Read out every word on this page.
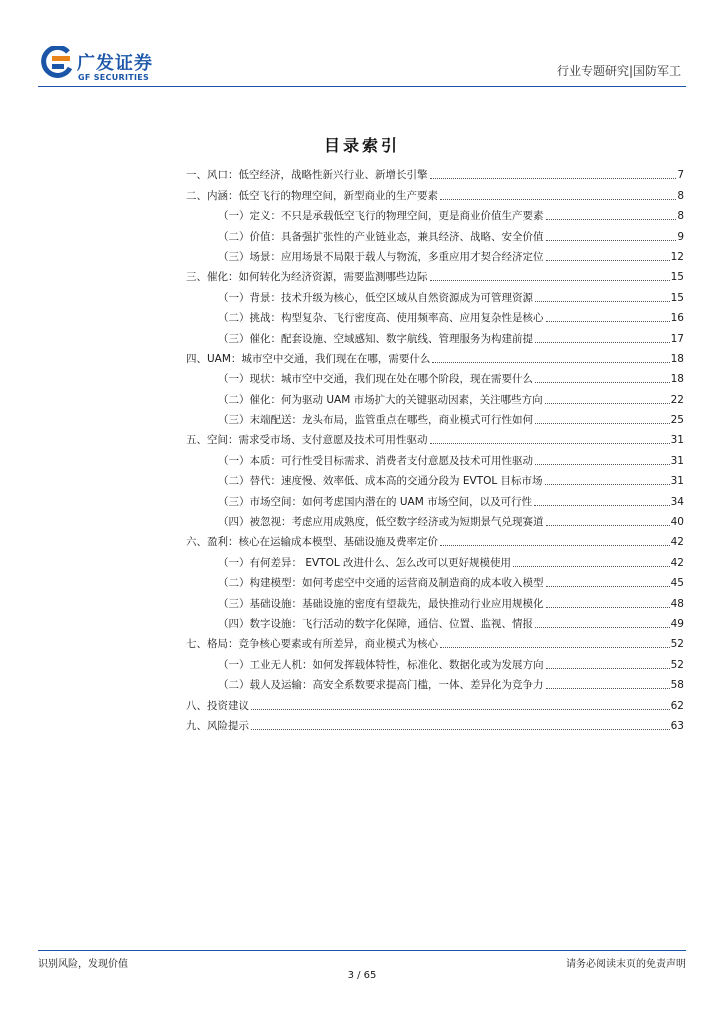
广发证券
GF SECURITIES	行业专题研究|国防军工
目录索引
一、风口：低空经济，战略性新兴行业、新增长引擎	7
二、内涵：低空飞行的物理空间，新型商业的生产要素	8
（一）定义：不只是承载低空飞行的物理空间，更是商业价值生产要素	8
（二）价值：具备强扩张性的产业链业态，兼具经济、战略、安全价值	9
（三）场景：应用场景不局限于载人与物流，多重应用才契合经济定位	12
三、催化：如何转化为经济资源，需要监测哪些边际	15
（一）背景：技术升级为核心，低空区域从自然资源成为可管理资源	15
（二）挑战：构型复杂、飞行密度高、使用频率高、应用复杂性是核心	16
（三）催化：配套设施、空域感知、数字航线、管理服务为构建前提	17
四、UAM：城市空中交通，我们现在在哪，需要什么	18
（一）现状：城市空中交通，我们现在处在哪个阶段，现在需要什么	18
（二）催化：何为驱动 UAM 市场扩大的关键驱动因素，关注哪些方向	22
（三）末端配送：龙头布局，监管重点在哪些，商业模式可行性如何	25
五、空间：需求受市场、支付意愿及技术可用性驱动	31
（一）本质：可行性受目标需求、消费者支付意愿及技术可用性驱动	31
（二）替代：速度慢、效率低、成本高的交通分段为 EVTOL 目标市场	31
（三）市场空间：如何考虑国内潜在的 UAM 市场空间，以及可行性	34
（四）被忽视：考虑应用成熟度，低空数字经济或为短期景气兑现赛道	40
六、盈利：核心在运输成本模型、基础设施及费率定价	42
（一）有何差异： EVTOL 改进什么、怎么改可以更好规模使用	42
（二）构建模型：如何考虑空中交通的运营商及制造商的成本收入模型	45
（三）基础设施：基础设施的密度有望裁先，最快推动行业应用规模化	48
（四）数字设施：飞行活动的数字化保障，通信、位置、监视、情报	49
七、格局：竞争核心要素或有所差异，商业模式为核心	52
（一）工业无人机：如何发挥载体特性，标准化、数据化或为发展方向	52
（二）载人及运输：高安全系数要求提高门槛，一体、差异化为竞争力	58
八、投资建议	62
九、风险提示	63
识别风险，发现价值	请务必阅读末页的免责声明
3 / 65
